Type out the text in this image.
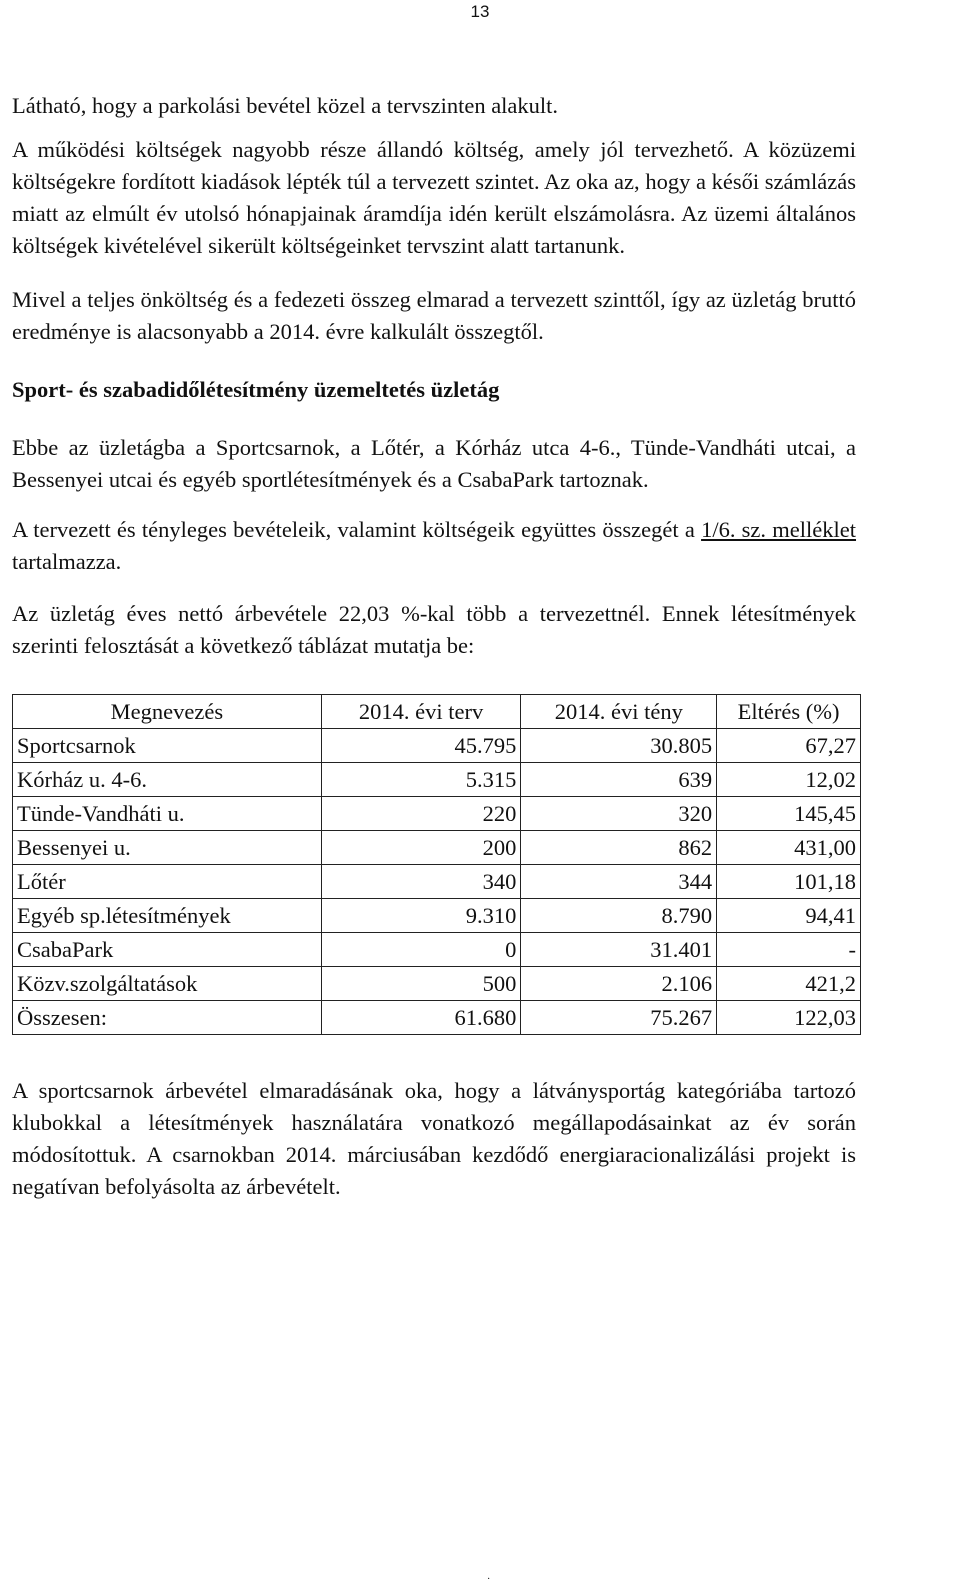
13

Látható, hogy a parkolási bevétel közel a tervszinten alakult.

A működési költségek nagyobb része állandó költség, amely jól tervezhető. A közüzemi költségekre fordított kiadások lépték túl a tervezett szintet. Az oka az, hogy a késői számlázás miatt az elmúlt év utolsó hónapjainak áramdíja idén került elszámolásra. Az üzemi általános költségek kivételével sikerült költségeinket tervszint alatt tartanunk.

Mivel a teljes önköltség és a fedezeti összeg elmarad a tervezett szinttől, így az üzletág bruttó eredménye is alacsonyabb a 2014. évre kalkulált összegtől.

Sport- és szabadidőlétesítmény üzemeltetés üzletág

Ebbe az üzletágba a Sportcsarnok, a Lőtér, a Kórház utca 4-6., Tünde-Vandháti utcai, a Bessenyei utcai és egyéb sportlétesítmények és a CsabaPark tartoznak.

A tervezett és tényleges bevételeik, valamint költségeik együttes összegét a 1/6. sz. melléklet tartalmazza.

Az üzletág éves nettó árbevétele 22,03 %-kal több a tervezettnél. Ennek létesítmények szerinti felosztását a következő táblázat mutatja be:

Megnevezés	2014. évi terv	2014. évi tény	Eltérés (%)
Sportcsarnok	45.795	30.805	67,27
Kórház u. 4-6.	5.315	639	12,02
Tünde-Vandháti u.	220	320	145,45
Bessenyei u.	200	862	431,00
Lőtér	340	344	101,18
Egyéb sp.létesítmények	9.310	8.790	94,41
CsabaPark	0	31.401	-
Közv.szolgáltatások	500	2.106	421,2
Összesen:	61.680	75.267	122,03

A sportcsarnok árbevétel elmaradásának oka, hogy a látványsportág kategóriába tartozó klubokkal a létesítmények használatára vonatkozó megállapodásainkat az év során módosítottuk. A csarnokban 2014. márciusában kezdődő energiaracionalizálási projekt is negatívan befolyásolta az árbevételt.

·
